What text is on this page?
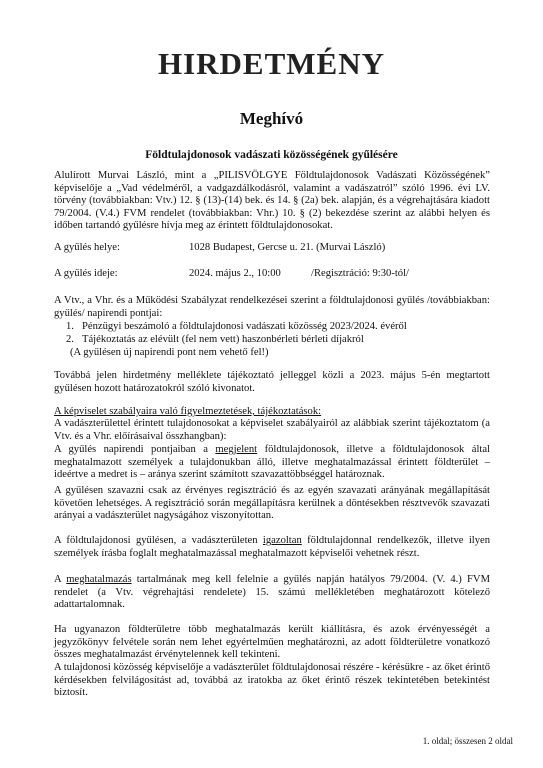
HIRDETMÉNY
Meghívó
Földtulajdonosok vadászati közösségének gyűlésére
Alulírott Murvai László, mint a „PILISVÖLGYE Földtulajdonosok Vadászati Közösségének” képviselője a „Vad védelméről, a vadgazdálkodásról, valamint a vadászatról” szóló 1996. évi LV. törvény (továbbiakban: Vtv.) 12. § (13)-(14) bek. és 14. § (2a) bek. alapján, és a végrehajtására kiadott 79/2004. (V.4.) FVM rendelet (továbbiakban: Vhr.) 10. § (2) bekezdése szerint az alábbi helyen és időben tartandó gyűlésre hívja meg az érintett földtulajdonosokat.
A gyűlés helye:	1028 Budapest, Gercse u. 21. (Murvai László)
A gyűlés ideje:	2024. május 2., 10:00	/Regisztráció: 9:30-tól/
A Vtv., a Vhr. és a Működési Szabályzat rendelkezései szerint a földtulajdonosi gyűlés /továbbiakban: gyűlés/ napirendi pontjai:
1. Pénzügyi beszámoló a földtulajdonosi vadászati közösség 2023/2024. évéről
2. Tájékoztatás az elévült (fel nem vett) haszonbérleti bérleti díjakról
(A gyűlésen új napirendi pont nem vehető fel!)
Továbbá jelen hirdetmény melléklete tájékoztató jelleggel közli a 2023. május 5-én megtartott gyűlésen hozott határozatokról szóló kivonatot.
A képviselet szabályaira való figyelmeztetések, tájékoztatások:
A vadászterülettel érintett tulajdonosokat a képviselet szabályairól az alábbiak szerint tájékoztatom (a Vtv. és a Vhr. előírásaival összhangban):
A gyűlés napirendi pontjaiban a megjelent földtulajdonosok, illetve a földtulajdonosok által meghatalmazott személyek a tulajdonukban álló, illetve meghatalmazással érintett földterület – ideértve a medret is – aránya szerint számított szavazattöbbséggel határoznak.
A gyűlésen szavazni csak az érvényes regisztráció és az egyén szavazati arányának megállapítását követően lehetséges. A regisztráció során megállapításra kerülnek a döntésekben résztvevők szavazati arányai a vadászterület nagyságához viszonyítottan.
A földtulajdonosi gyűlésen, a vadászterületen igazoltan földtulajdonnal rendelkezők, illetve ilyen személyek írásba foglalt meghatalmazással meghatalmazott képviselői vehetnek részt.
A meghatalmazás tartalmának meg kell felelnie a gyűlés napján hatályos 79/2004. (V. 4.) FVM rendelet (a Vtv. végrehajtási rendelete) 15. számú mellékletében meghatározott kötelező adattartalomnak.
Ha ugyanazon földterületre több meghatalmazás került kiállításra, és azok érvényességét a jegyzőkönyv felvétele során nem lehet egyértelműen meghatározni, az adott földterületre vonatkozó összes meghatalmazást érvénytelennek kell tekinteni.
A tulajdonosi közösség képviselője a vadászterület földtulajdonosai részére - kérésükre - az őket érintő kérdésekben felvilágosítást ad, továbbá az iratokba az őket érintő részek tekintetében betekintést biztosít.
1. oldal; összesen 2 oldal
